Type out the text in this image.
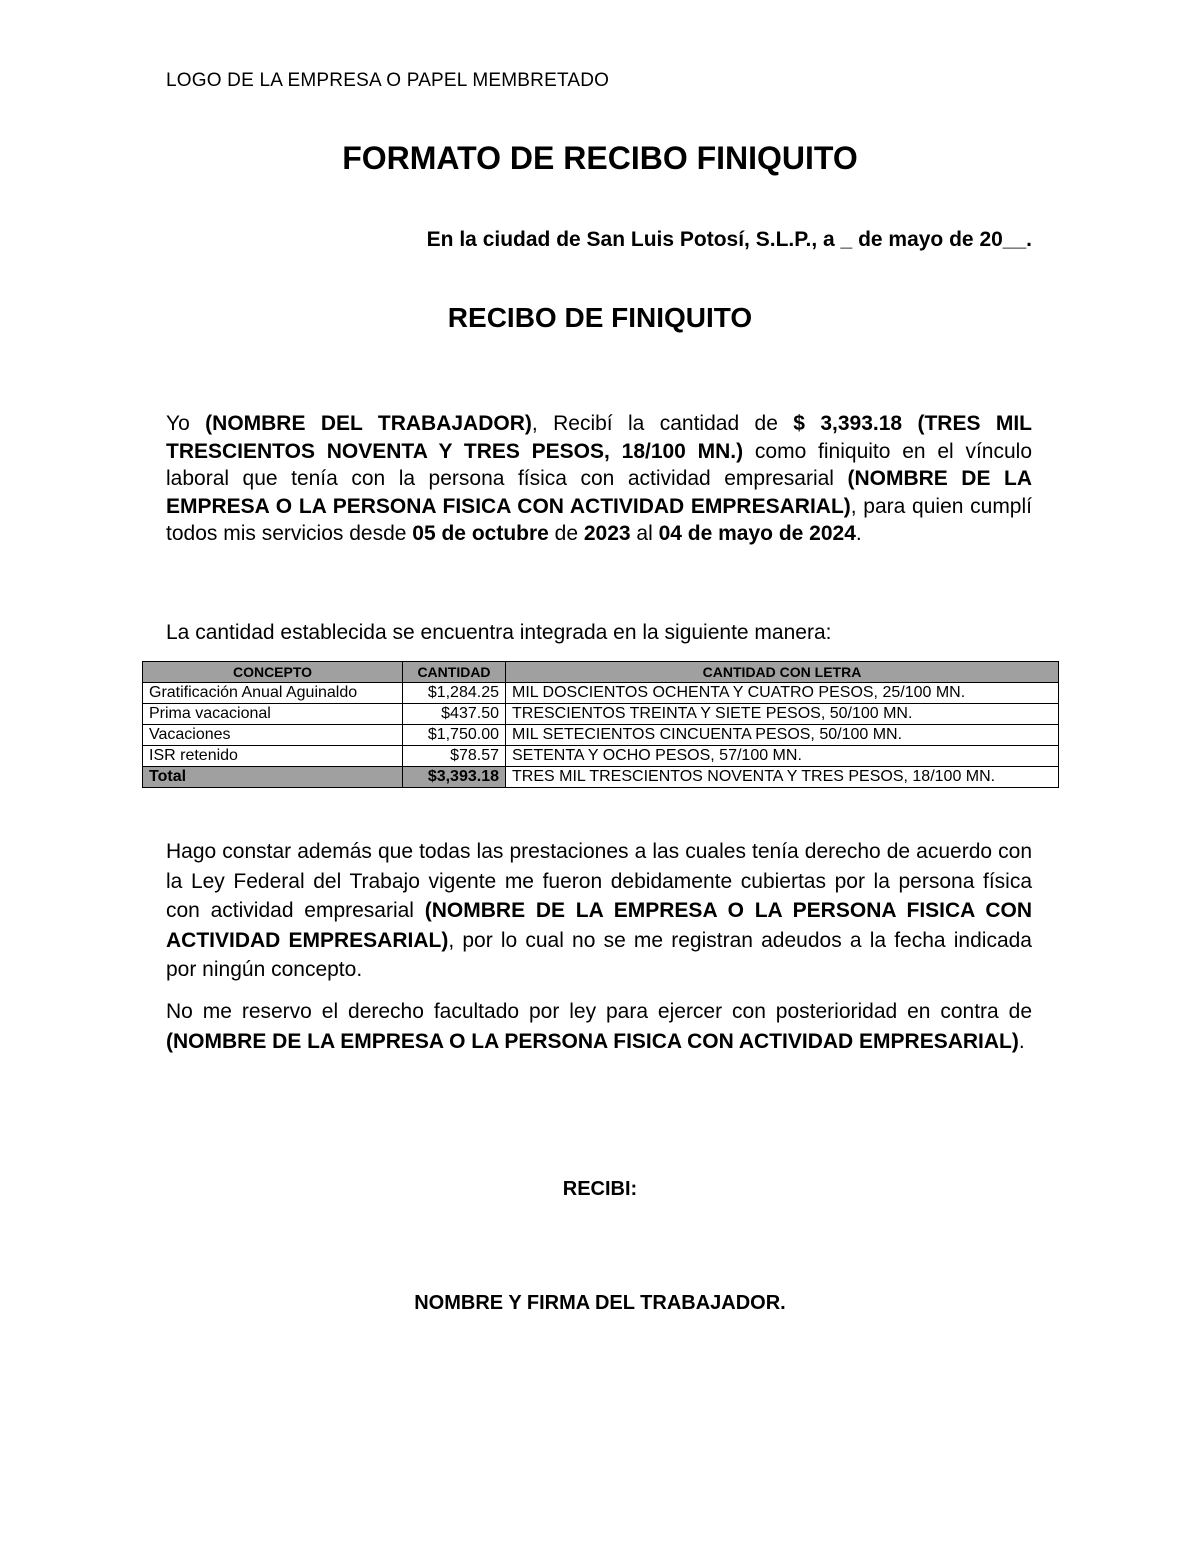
LOGO DE LA EMPRESA O PAPEL MEMBRETADO
FORMATO DE RECIBO FINIQUITO
En la ciudad de San Luis Potosí, S.L.P., a _ de mayo de 20__.
RECIBO DE FINIQUITO
Yo (NOMBRE DEL TRABAJADOR), Recibí la cantidad de $ 3,393.18 (TRES MIL TRESCIENTOS NOVENTA Y TRES PESOS, 18/100 MN.) como finiquito en el vínculo laboral que tenía con la persona física con actividad empresarial (NOMBRE DE LA EMPRESA O LA PERSONA FISICA CON ACTIVIDAD EMPRESARIAL), para quien cumplí todos mis servicios desde 05 de octubre de 2023 al 04 de mayo de 2024.
La cantidad establecida se encuentra integrada en la siguiente manera:
CONCEPTO	CANTIDAD	CANTIDAD CON LETRA
Gratificación Anual Aguinaldo	$1,284.25	MIL DOSCIENTOS OCHENTA Y CUATRO PESOS, 25/100 MN.
Prima vacacional	$437.50	TRESCIENTOS TREINTA Y SIETE PESOS, 50/100 MN.
Vacaciones	$1,750.00	MIL SETECIENTOS CINCUENTA PESOS, 50/100 MN.
ISR retenido	$78.57	SETENTA Y OCHO PESOS, 57/100 MN.
Total	$3,393.18	TRES MIL TRESCIENTOS NOVENTA Y TRES PESOS, 18/100 MN.
Hago constar además que todas las prestaciones a las cuales tenía derecho de acuerdo con la Ley Federal del Trabajo vigente me fueron debidamente cubiertas por la persona física con actividad empresarial (NOMBRE DE LA EMPRESA O LA PERSONA FISICA CON ACTIVIDAD EMPRESARIAL), por lo cual no se me registran adeudos a la fecha indicada por ningún concepto.
No me reservo el derecho facultado por ley para ejercer con posterioridad en contra de (NOMBRE DE LA EMPRESA O LA PERSONA FISICA CON ACTIVIDAD EMPRESARIAL).
RECIBI:
NOMBRE Y FIRMA DEL TRABAJADOR.
